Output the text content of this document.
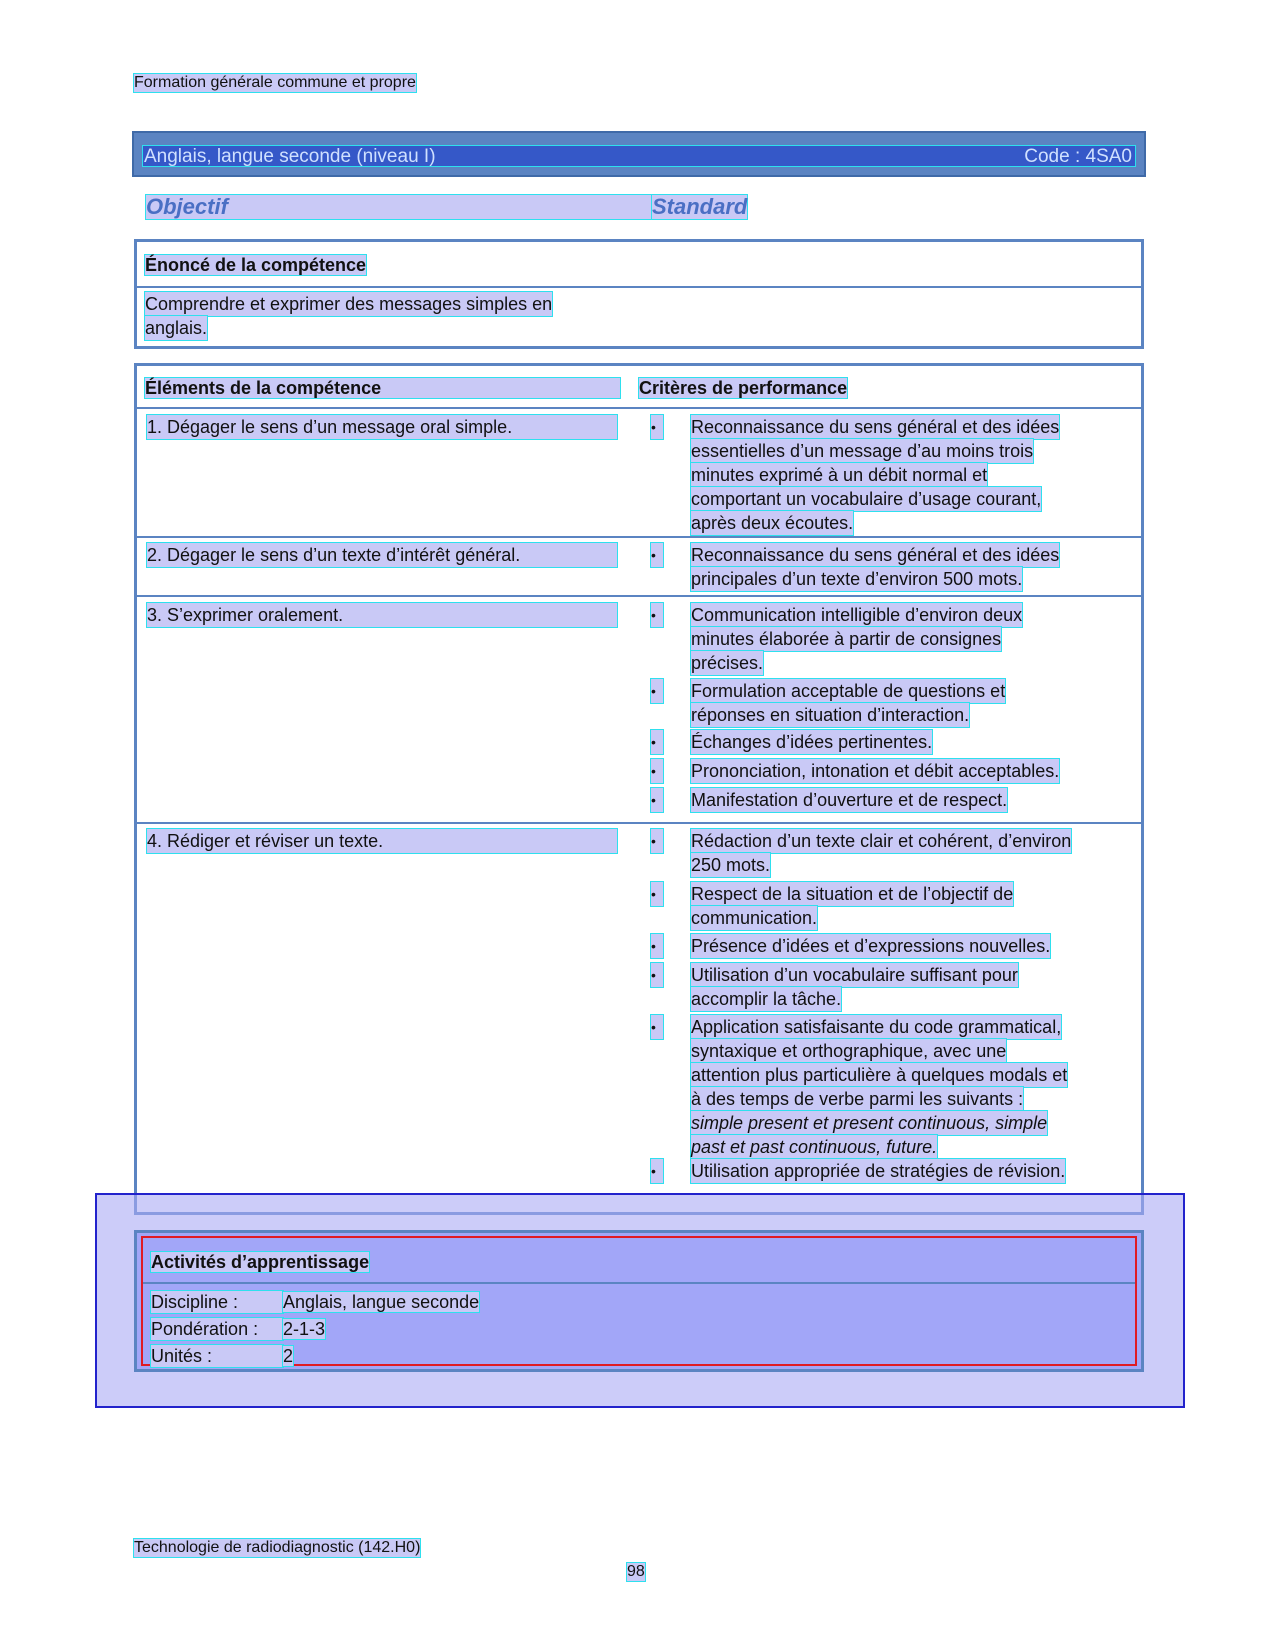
Formation générale commune et propre
Anglais, langue seconde (niveau I)	Code : 4SA0
Objectif	Standard
Énoncé de la compétence
Comprendre et exprimer des messages simples en
anglais.
Éléments de la compétence	Critères de performance
1. Dégager le sens d’un message oral simple.	•	Reconnaissance du sens général et des idées
essentielles d’un message d’au moins trois
minutes exprimé à un débit normal et
comportant un vocabulaire d’usage courant,
après deux écoutes.
2. Dégager le sens d’un texte d’intérêt général.	•	Reconnaissance du sens général et des idées
principales d’un texte d’environ 500 mots.
3. S’exprimer oralement.	•	Communication intelligible d’environ deux
minutes élaborée à partir de consignes
précises.
•	Formulation acceptable de questions et
réponses en situation d’interaction.
•	Échanges d’idées pertinentes.
•	Prononciation, intonation et débit acceptables.
•	Manifestation d’ouverture et de respect.
4. Rédiger et réviser un texte.	•	Rédaction d’un texte clair et cohérent, d’environ
250 mots.
•	Respect de la situation et de l’objectif de
communication.
•	Présence d’idées et d’expressions nouvelles.
•	Utilisation d’un vocabulaire suffisant pour
accomplir la tâche.
•	Application satisfaisante du code grammatical,
syntaxique et orthographique, avec une
attention plus particulière à quelques modals et
à des temps de verbe parmi les suivants :
simple present et present continuous, simple
past et past continuous, future.
•	Utilisation appropriée de stratégies de révision.
Activités d’apprentissage
Discipline : Anglais, langue seconde
Pondération : 2-1-3
Unités :	2
Technologie de radiodiagnostic (142.H0)
98
